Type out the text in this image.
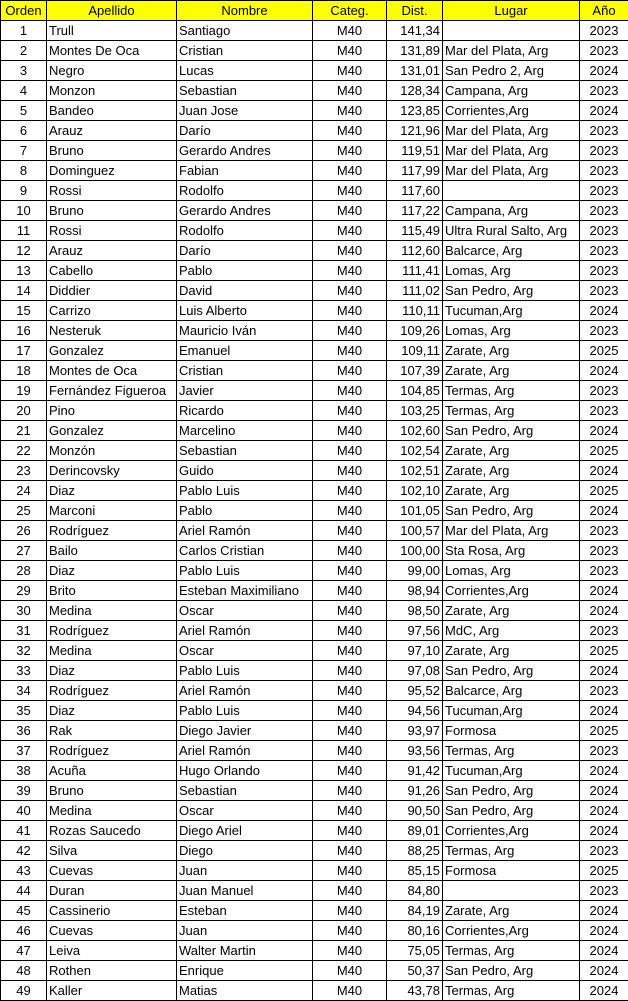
Orden	Apellido	Nombre	Categ.	Dist.	Lugar	Año
1	Trull	Santiago	M40	141,34		2023
2	Montes De Oca	Cristian	M40	131,89	Mar del Plata, Arg	2023
3	Negro	Lucas	M40	131,01	San Pedro 2, Arg	2024
4	Monzon	Sebastian	M40	128,34	Campana, Arg	2023
5	Bandeo	Juan Jose	M40	123,85	Corrientes,Arg	2024
6	Arauz	Darío	M40	121,96	Mar del Plata, Arg	2023
7	Bruno	Gerardo Andres	M40	119,51	Mar del Plata, Arg	2023
8	Dominguez	Fabian	M40	117,99	Mar del Plata, Arg	2023
9	Rossi	Rodolfo	M40	117,60		2023
10	Bruno	Gerardo Andres	M40	117,22	Campana, Arg	2023
11	Rossi	Rodolfo	M40	115,49	Ultra Rural Salto, Arg	2023
12	Arauz	Darío	M40	112,60	Balcarce, Arg	2023
13	Cabello	Pablo	M40	111,41	Lomas, Arg	2023
14	Diddier	David	M40	111,02	San Pedro, Arg	2023
15	Carrizo	Luis Alberto	M40	110,11	Tucuman,Arg	2024
16	Nesteruk	Mauricio Iván	M40	109,26	Lomas, Arg	2023
17	Gonzalez	Emanuel	M40	109,11	Zarate, Arg	2025
18	Montes de Oca	Cristian	M40	107,39	Zarate, Arg	2024
19	Fernández Figueroa	Javier	M40	104,85	Termas, Arg	2023
20	Pino	Ricardo	M40	103,25	Termas, Arg	2023
21	Gonzalez	Marcelino	M40	102,60	San Pedro, Arg	2024
22	Monzón	Sebastian	M40	102,54	Zarate, Arg	2025
23	Derincovsky	Guido	M40	102,51	Zarate, Arg	2024
24	Diaz	Pablo Luis	M40	102,10	Zarate, Arg	2025
25	Marconi	Pablo	M40	101,05	San Pedro, Arg	2024
26	Rodríguez	Ariel Ramón	M40	100,57	Mar del Plata, Arg	2023
27	Bailo	Carlos Cristian	M40	100,00	Sta Rosa, Arg	2023
28	Diaz	Pablo Luis	M40	99,00	Lomas, Arg	2023
29	Brito	Esteban Maximiliano	M40	98,94	Corrientes,Arg	2024
30	Medina	Oscar	M40	98,50	Zarate, Arg	2024
31	Rodríguez	Ariel Ramón	M40	97,56	MdC, Arg	2023
32	Medina	Oscar	M40	97,10	Zarate, Arg	2025
33	Diaz	Pablo Luis	M40	97,08	San Pedro, Arg	2024
34	Rodríguez	Ariel Ramón	M40	95,52	Balcarce, Arg	2023
35	Diaz	Pablo Luis	M40	94,56	Tucuman,Arg	2024
36	Rak	Diego Javier	M40	93,97	Formosa	2025
37	Rodríguez	Ariel Ramón	M40	93,56	Termas, Arg	2023
38	Acuña	Hugo Orlando	M40	91,42	Tucuman,Arg	2024
39	Bruno	Sebastian	M40	91,26	San Pedro, Arg	2024
40	Medina	Oscar	M40	90,50	San Pedro, Arg	2024
41	Rozas Saucedo	Diego Ariel	M40	89,01	Corrientes,Arg	2024
42	Silva	Diego	M40	88,25	Termas, Arg	2023
43	Cuevas	Juan	M40	85,15	Formosa	2025
44	Duran	Juan Manuel	M40	84,80		2023
45	Cassinerio	Esteban	M40	84,19	Zarate, Arg	2024
46	Cuevas	Juan	M40	80,16	Corrientes,Arg	2024
47	Leiva	Walter Martin	M40	75,05	Termas, Arg	2024
48	Rothen	Enrique	M40	50,37	San Pedro, Arg	2024
49	Kaller	Matias	M40	43,78	Termas, Arg	2024
